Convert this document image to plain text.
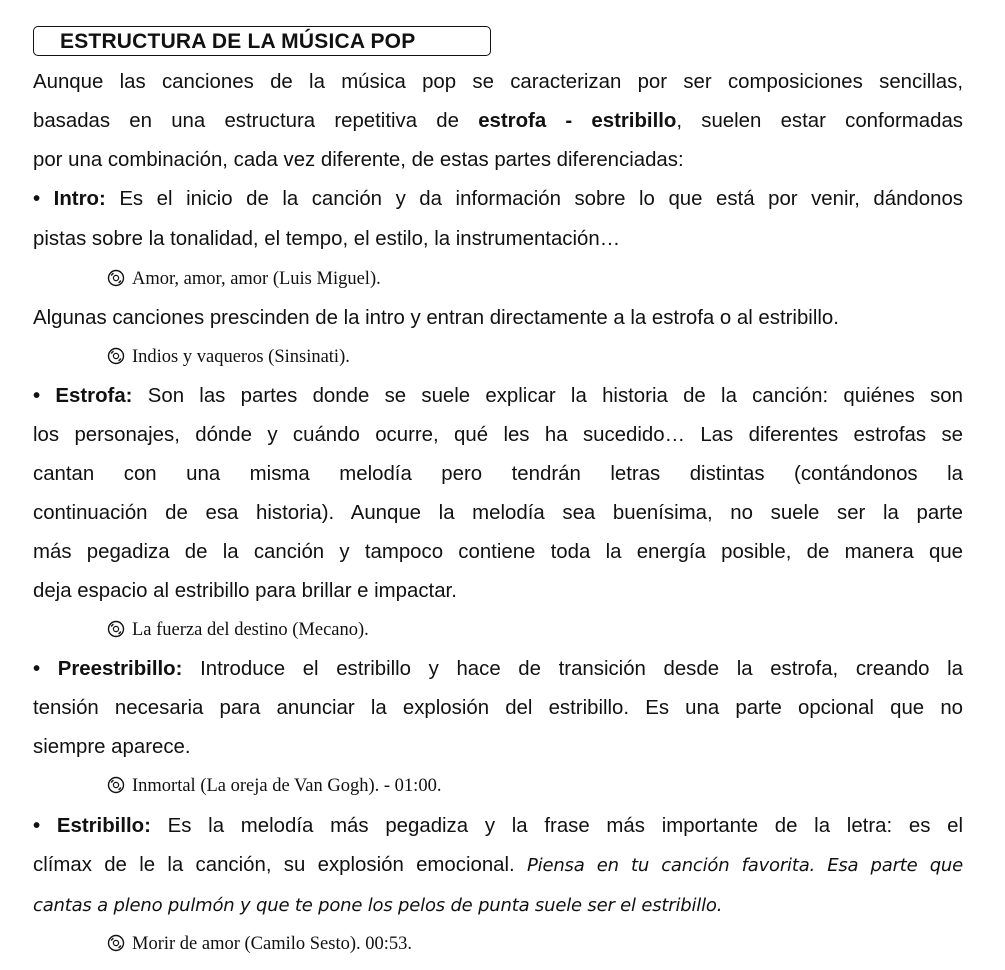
ESTRUCTURA DE LA MÚSICA POP
Aunque las canciones de la música pop se caracterizan por ser composiciones sencillas,
basadas en una estructura repetitiva de estrofa - estribillo, suelen estar conformadas
por una combinación, cada vez diferente, de estas partes diferenciadas:
• Intro: Es el inicio de la canción y da información sobre lo que está por venir, dándonos
pistas sobre la tonalidad, el tempo, el estilo, la instrumentación…
Amor, amor, amor (Luis Miguel).
Algunas canciones prescinden de la intro y entran directamente a la estrofa o al estribillo.
Indios y vaqueros (Sinsinati).
• Estrofa: Son las partes donde se suele explicar la historia de la canción: quiénes son
los personajes, dónde y cuándo ocurre, qué les ha sucedido… Las diferentes estrofas se
cantan con una misma melodía pero tendrán letras distintas (contándonos la
continuación de esa historia). Aunque la melodía sea buenísima, no suele ser la parte
más pegadiza de la canción y tampoco contiene toda la energía posible, de manera que
deja espacio al estribillo para brillar e impactar.
La fuerza del destino (Mecano).
• Preestribillo: Introduce el estribillo y hace de transición desde la estrofa, creando la
tensión necesaria para anunciar la explosión del estribillo. Es una parte opcional que no
siempre aparece.
Inmortal (La oreja de Van Gogh). - 01:00.
• Estribillo: Es la melodía más pegadiza y la frase más importante de la letra: es el
clímax de le la canción, su explosión emocional. Piensa en tu canción favorita. Esa parte que
cantas a pleno pulmón y que te pone los pelos de punta suele ser el estribillo.
Morir de amor (Camilo Sesto). 00:53.
